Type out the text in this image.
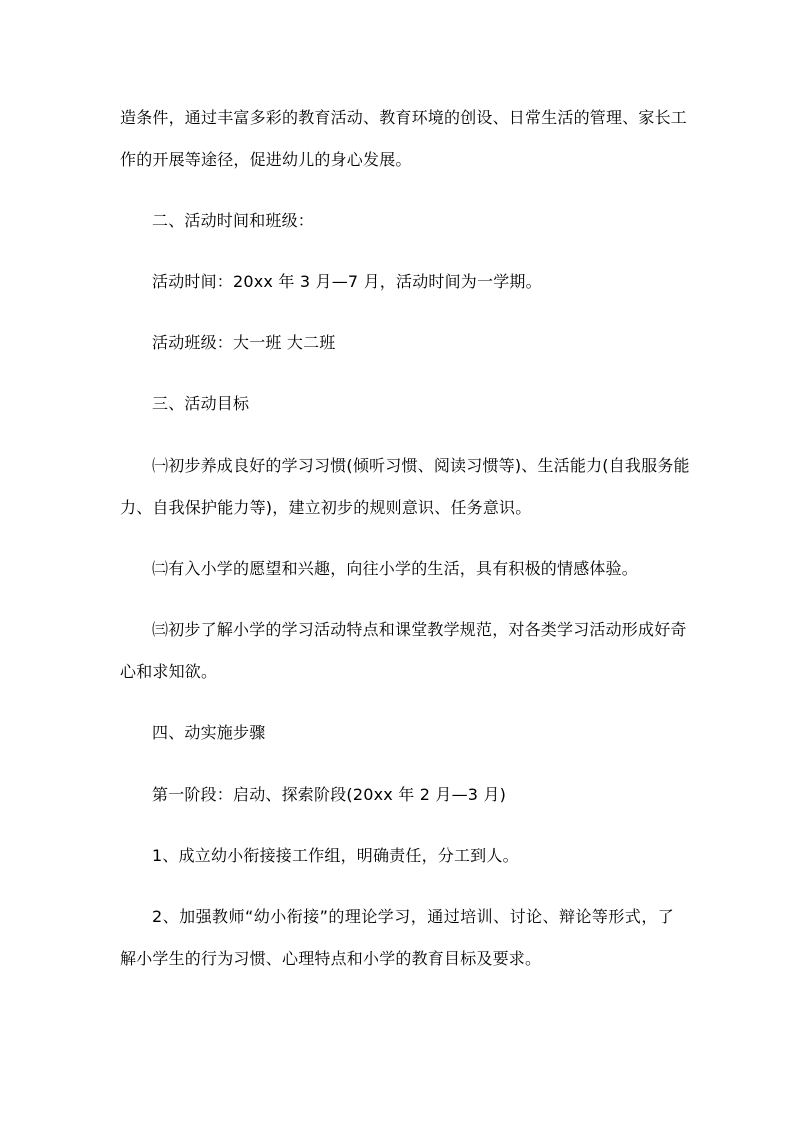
造条件，通过丰富多彩的教育活动、教育环境的创设、日常生活的管理、家长工
作的开展等途径，促进幼儿的身心发展。
二、活动时间和班级：
活动时间：20xx 年 3 月—7 月，活动时间为一学期。
活动班级：大一班 大二班
三、活动目标
㈠初步养成良好的学习习惯(倾听习惯、阅读习惯等)、生活能力(自我服务能
力、自我保护能力等)，建立初步的规则意识、任务意识。
㈡有入小学的愿望和兴趣，向往小学的生活，具有积极的情感体验。
㈢初步了解小学的学习活动特点和课堂教学规范，对各类学习活动形成好奇
心和求知欲。
四、动实施步骤
第一阶段：启动、探索阶段(20xx 年 2 月—3 月)
1、成立幼小衔接接工作组，明确责任，分工到人。
2、加强教师“幼小衔接”的理论学习，通过培训、讨论、辩论等形式，了
解小学生的行为习惯、心理特点和小学的教育目标及要求。
